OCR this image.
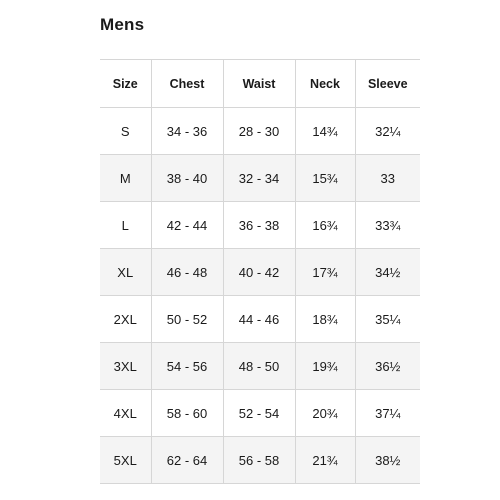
Mens
Size	Chest	Waist	Neck	Sleeve
S	34 - 36	28 - 30	14¾	32¼
M	38 - 40	32 - 34	15¾	33
L	42 - 44	36 - 38	16¾	33¾
XL	46 - 48	40 - 42	17¾	34½
2XL	50 - 52	44 - 46	18¾	35¼
3XL	54 - 56	48 - 50	19¾	36½
4XL	58 - 60	52 - 54	20¾	37¼
5XL	62 - 64	56 - 58	21¾	38½
